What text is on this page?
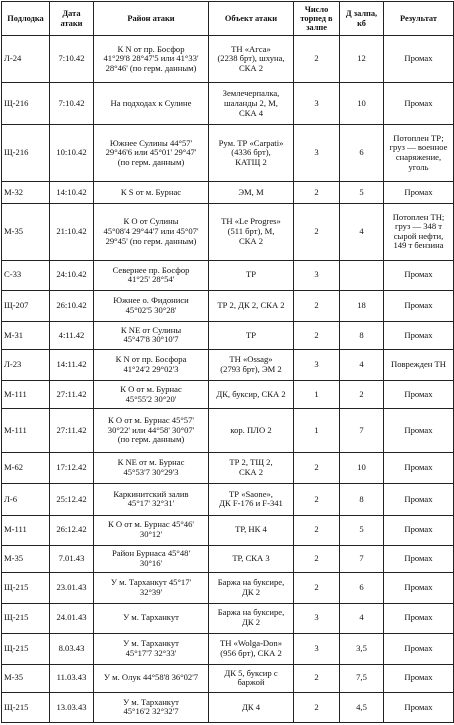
Подлодка	Дата атаки	Район атаки	Объект атаки	Число торпед в залпе	Д залпа, кб	Результат

Л-24	7:10.42	К N от пр. Босфор
41°29'8 28°47'5 или 41°33'
28°46' (по герм. данным)	ТН «Агса»
(2238 брт), шхуна,
СКА 2	2	12	Промах

Щ-216	7:10.42	На подходах к Сулине	Землечерпалка,
шаланды 2, М,
СКА 4	3	10	Промах

Щ-216	10:10.42	Южнее Сулины 44°57'
29°46'6 или 45°01' 29°47'
(по герм. данным)	Рум. ТР «Carpati»
(4336 брт),
КАТЩ 2	3	6	Потоплен ТР;
груз — военное
снаряжение,
уголь

М-32	14:10.42	К S от м. Бурнас	ЭМ, М	2	5	Промах

М-35	21:10.42	К О от Сулины
45°08'4 29°44'7 или 45°07'
29°45' (по герм. данным)	ТН «Le Progres»
(511 брт), М,
СКА 2	2	4	Потоплен ТН;
груз — 348 т
сырой нефти,
149 т бензина

С-33	24:10.42	Севернее пр. Босфор
41°25' 28°54'	ТР	3		Промах

Щ-207	26:10.42	Южнее о. Фидониси
45°02'5 30°28'	ТР 2, ДК 2, СКА 2	2	18	Промах

М-31	4:11.42	К NE от Сулины
45°47'8 30°10'7	ТР	2	8	Промах

Л-23	14:11.42	К N от пр. Босфора
41°24'2 29°02'3	ТН «Ossag»
(2793 брт), ЭМ 2	3	4	Поврежден ТН

М-111	27:11.42	К О от м. Бурнас
45°55'2 30°20'	ДК, буксир, СКА 2	1	2	Промах

М-111	27:11.42	К О от м. Бурнас 45°57'
30°22' или 44°58' 30°07'
(по герм. данным)	кор. ПЛО 2	1	7	Промах

М-62	17:12.42	К NE от м. Бурнас
45°53'7 30°29'3	ТР 2, ТЩ 2,
СКА 2	2	10	Промах

Л-6	25:12.42	Каркинитский залив
45°17' 32°31'	ТР «Saone»,
ДК F-176 и F-341	2	8	Промах

М-111	26:12.42	К О от м. Бурнас 45°46'
30°12'	ТР, НК 4	2	5	Промах

М-35	7.01.43	Район Бурнаса 45°48'
30°16'	ТР, СКА 3	2	7	Промах

Щ-215	23.01.43	У м. Тарханкут 45°17'
32°39'	Баржа на буксире,
ДК 2	2	6	Промах

Щ-215	24.01.43	У м. Тарханкут	Баржа на буксире,
ДК 2	3	4	Промах

Щ-215	8.03.43	У м. Тарханкут
45°17'7 32°33'	ТН «Wolga-Don»
(956 брт), СКА 2	3	3,5	Промах

М-35	11.03.43	У м. Олук 44°58'8 36°02'7	ДК 5, буксир с
баржой	2	7,5	Промах

Щ-215	13.03.43	У м. Тарханкут
45°16'2 32°32'7	ДК 4	2	4,5	Промах
